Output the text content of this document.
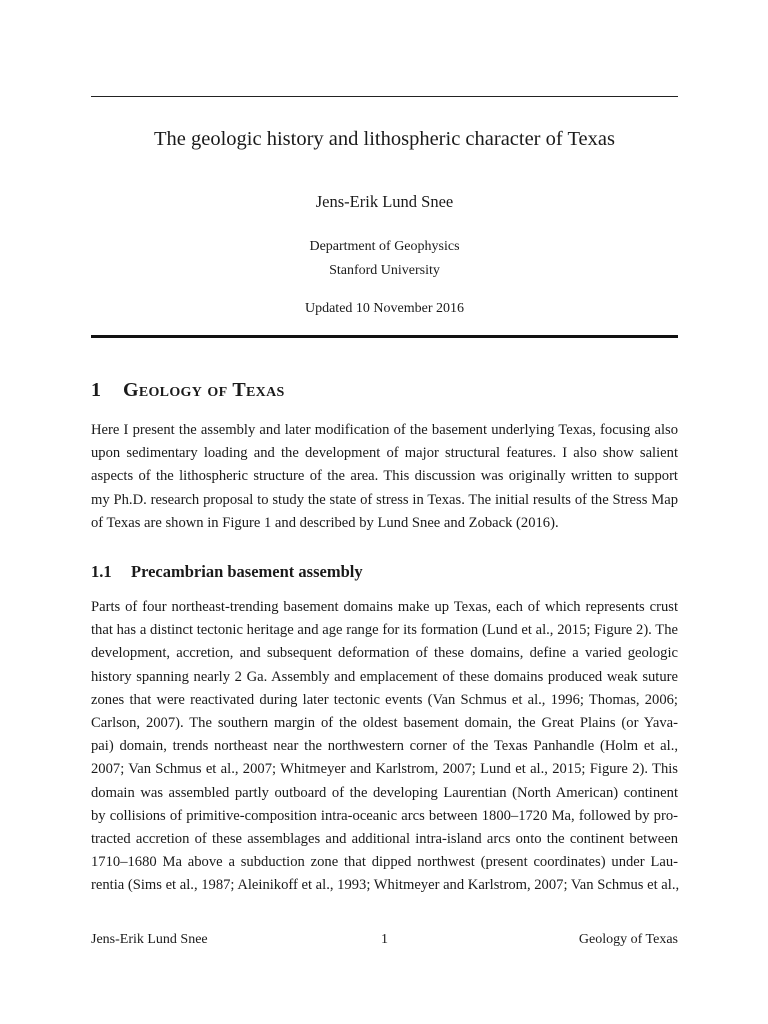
The geologic history and lithospheric character of Texas
Jens-Erik Lund Snee
Department of Geophysics
Stanford University
Updated 10 November 2016
1 Geology of Texas
Here I present the assembly and later modification of the basement underlying Texas, focusing also
upon sedimentary loading and the development of major structural features. I also show salient
aspects of the lithospheric structure of the area. This discussion was originally written to support
my Ph.D. research proposal to study the state of stress in Texas. The initial results of the Stress Map
of Texas are shown in Figure 1 and described by Lund Snee and Zoback (2016).
1.1 Precambrian basement assembly
Parts of four northeast-trending basement domains make up Texas, each of which represents crust
that has a distinct tectonic heritage and age range for its formation (Lund et al., 2015; Figure 2). The
development, accretion, and subsequent deformation of these domains, define a varied geologic
history spanning nearly 2 Ga. Assembly and emplacement of these domains produced weak suture
zones that were reactivated during later tectonic events (Van Schmus et al., 1996; Thomas, 2006;
Carlson, 2007). The southern margin of the oldest basement domain, the Great Plains (or Yava-
pai) domain, trends northeast near the northwestern corner of the Texas Panhandle (Holm et al.,
2007; Van Schmus et al., 2007; Whitmeyer and Karlstrom, 2007; Lund et al., 2015; Figure 2). This
domain was assembled partly outboard of the developing Laurentian (North American) continent
by collisions of primitive-composition intra-oceanic arcs between 1800–1720 Ma, followed by pro-
tracted accretion of these assemblages and additional intra-island arcs onto the continent between
1710–1680 Ma above a subduction zone that dipped northwest (present coordinates) under Lau-
rentia (Sims et al., 1987; Aleinikoff et al., 1993; Whitmeyer and Karlstrom, 2007; Van Schmus et al.,
Jens-Erik Lund Snee	1	Geology of Texas
